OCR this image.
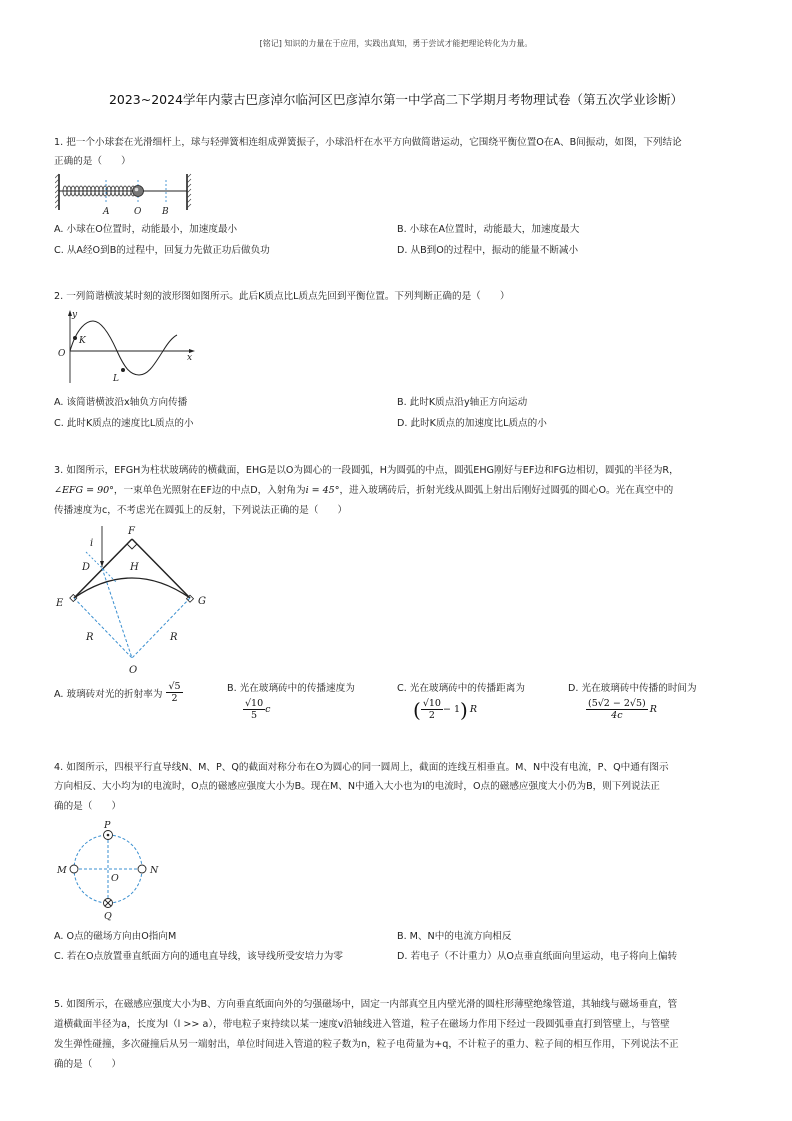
[铭记] 知识的力量在于应用，实践出真知，勇于尝试才能把理论转化为力量。
2023~2024学年内蒙古巴彦淖尔临河区巴彦淖尔第一中学高二下学期月考物理试卷（第五次学业诊断）
1. 把一个小球套在光滑细杆上，球与轻弹簧相连组成弹簧振子，小球沿杆在水平方向做简谐运动，它围绕平衡位置O在A、B间振动，如图，下列结论
正确的是（　　）
A	O B
A. 小球在O位置时，动能最小，加速度最小	B. 小球在A位置时，动能最大，加速度最大
C. 从A经O到B的过程中，回复力先做正功后做负功	D. 从B到O的过程中，振动的能量不断减小
2. 一列简谐横波某时刻的波形图如图所示。此后K质点比L质点先回到平衡位置。下列判断正确的是（　　）
y
x
O
K
L
A. 该简谐横波沿x轴负方向传播	B. 此时K质点沿y轴正方向运动
C. 此时K质点的速度比L质点的小	D. 此时K质点的加速度比L质点的小
3. 如图所示，EFGH为柱状玻璃砖的横截面，EHG是以O为圆心的一段圆弧，H为圆弧的中点，圆弧EHG刚好与EF边和FG边相切，圆弧的半径为R，
∠EFG = 90°，一束单色光照射在EF边的中点D，入射角为i = 45°，进入玻璃砖后，折射光线从圆弧上射出后刚好过圆弧的圆心O。光在真空中的
传播速度为c，不考虑光在圆弧上的反射，下列说法正确的是（　　）
F
i
D	H
E	G
R	R
O
A. 玻璃砖对光的折射率为 $\frac{√5}{2}$	B. 光在玻璃砖中的传播速度为
$\frac{√10}{5}$ c
C. 光在玻璃砖中的传播距离为
( $\frac{√10}{2} - 1$ ) R
D. 光在玻璃砖中传播的时间为
$\frac{(5√2 - 2√5)}{4c}$ R
4. 如图所示，四根平行直导线N、M、P、Q的截面对称分布在O为圆心的同一圆周上，截面的连线互相垂直。M、N中没有电流，P、Q中通有图示
方向相反、大小均为I的电流时，O点的磁感应强度大小为B。现在M、N中通入大小也为I的电流时，O点的磁感应强度大小仍为B，则下列说法正
确的是（　　）
P
M	N
O
Q
A. O点的磁场方向由O指向M	B. M、N中的电流方向相反
C. 若在O点放置垂直纸面方向的通电直导线，该导线所受安培力为零	D. 若电子（不计重力）从O点垂直纸面向里运动，电子将向上偏转
5. 如图所示，在磁感应强度大小为B、方向垂直纸面向外的匀强磁场中，固定一内部真空且内壁光滑的圆柱形薄壁绝缘管道，其轴线与磁场垂直，管
道横截面半径为a，长度为l（l >> a），带电粒子束持续以某一速度v沿轴线进入管道，粒子在磁场力作用下经过一段圆弧垂直打到管壁上，与管壁
发生弹性碰撞，多次碰撞后从另一端射出，单位时间进入管道的粒子数为n，粒子电荷量为+q，不计粒子的重力、粒子间的相互作用，下列说法不正
确的是（　　）
